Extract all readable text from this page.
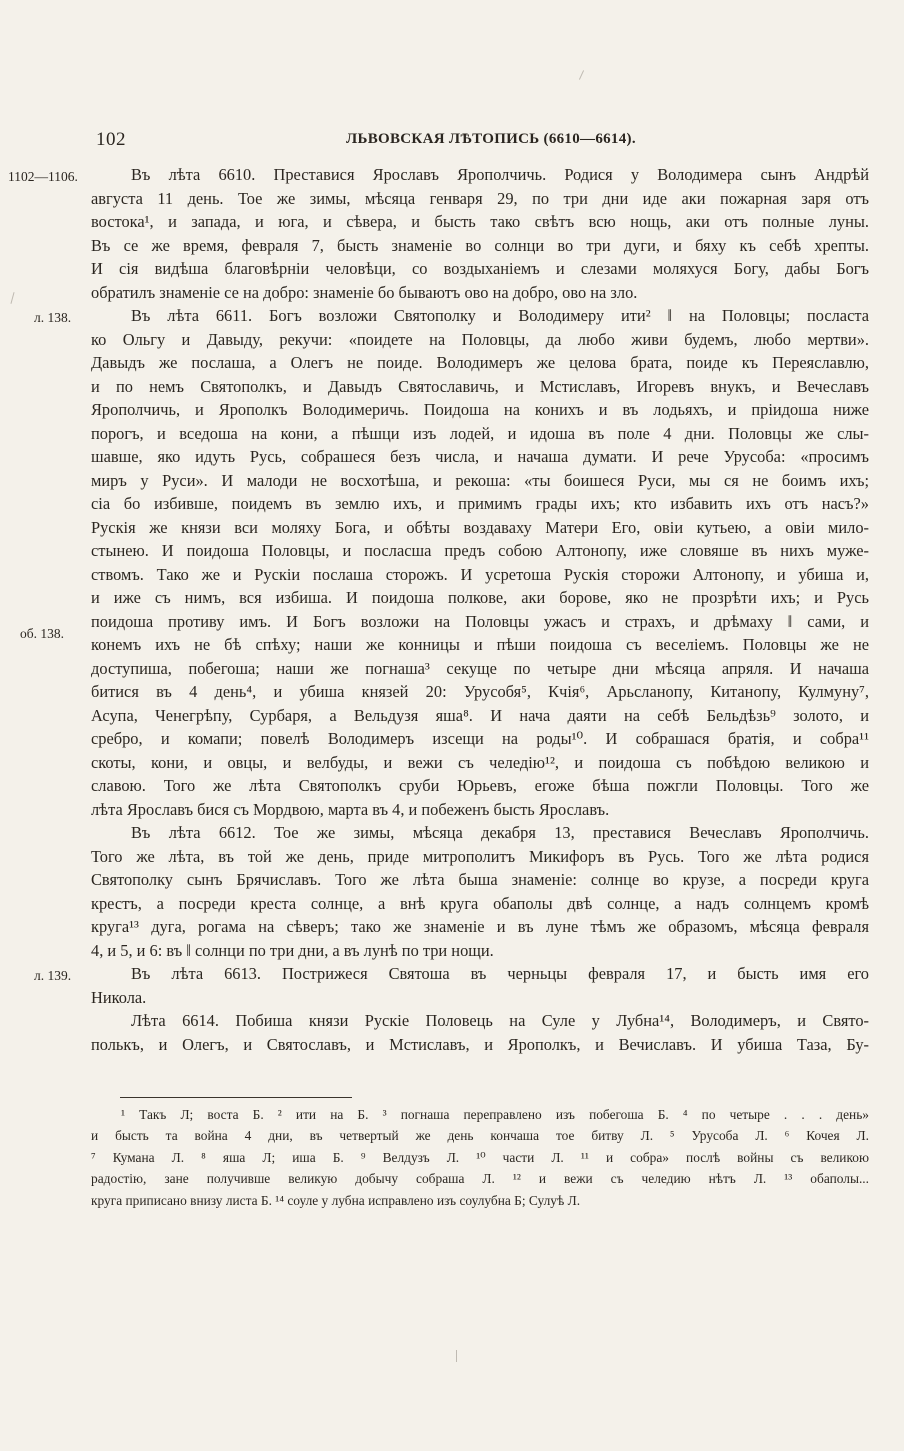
102	ЛЬВОВСКАЯ ЛѢТОПИСЬ (6610—6614).
1102—1106.
л. 138.
об. 138.
л. 139.
Въ лѣта 6610. Преставися Ярославъ Ярополчичь. Родися у Володимера сынъ Андрѣй
августа 11 день. Тое же зимы, мѣсяца генваря 29, по три дни иде аки пожарная заря отъ
востока¹, и запада, и юга, и сѣвера, и бысть тако свѣтъ всю нощь, аки отъ полные луны.
Въ се же время, февраля 7, бысть знаменіе во солнци во три дуги, и бяху къ себѣ хрепты.
И сія видѣша благовѣрніи человѣци, со воздыханіемъ и слезами моляхуся Богу, дабы Богъ
обратилъ знаменіе се на добро: знаменіе бо бываютъ ово на добро, ово на зло.
Въ лѣта 6611. Богъ возложи Святополку и Володимеру ити² ‖ на Половцы; посласта
ко Ольгу и Давыду, рекучи: «поидете на Половцы, да любо живи будемъ, любо мертви».
Давыдъ же послаша, а Олегъ не поиде. Володимеръ же целова брата, поиде къ Переяславлю,
и по немъ Святополкъ, и Давыдъ Святославичь, и Мстиславъ, Игоревъ внукъ, и Вечеславъ
Ярополчичь, и Ярополкъ Володимеричь. Поидоша на конихъ и въ лодьяхъ, и пріидоша ниже
порогъ, и вседоша на кони, а пѣшци изъ лодей, и идоша въ поле 4 дни. Половцы же слы-
шавше, яко идуть Русь, собрашеся безъ числа, и начаша думати. И рече Урусоба: «просимъ
миръ у Руси». И малоди не восхотѣша, и рекоша: «ты боишеся Руси, мы ся не боимъ ихъ;
сіа бо избивше, поидемъ въ землю ихъ, и примимъ грады ихъ; кто избавить ихъ отъ насъ?»
Рускія же князи вси моляху Бога, и обѣты воздаваху Матери Его, овіи кутьею, а овіи мило-
стынею. И поидоша Половцы, и посласша предъ собою Алтонопу, иже словяше въ нихъ муже-
ствомъ. Тако же и Рускіи послаша сторожъ. И усретоша Рускія сторожи Алтонопу, и убиша и,
и иже съ нимъ, вся избиша. И поидоша полкове, аки борове, яко не прозрѣти ихъ; и Русь
поидоша противу имъ. И Богъ возложи на Половцы ужасъ и страхъ, и дрѣмаху ‖ сами, и
конемъ ихъ не бѣ спѣху; наши же конницы и пѣши поидоша съ веселіемъ. Половцы же не
доступиша, побегоша; наши же погнаша³ секуще по четыре дни мѣсяца апряля. И начаша
битися въ 4 день⁴, и убиша князей 20: Урусобя⁵, Кчія⁶, Арьсланопу, Китанопу, Кулмуну⁷,
Асупа, Ченегрѣпу, Сурбаря, а Вельдузя яша⁸. И нача даяти на себѣ Бельдѣзь⁹ золото, и
сребро, и комапи; повелѣ Володимеръ изсещи на роды¹⁰. И собрашася братія, и собра¹¹
скоты, кони, и овцы, и велбуды, и вежи съ челедію¹², и поидоша съ побѣдою великою и
славою. Того же лѣта Святополкъ сруби Юрьевъ, егоже бѣша пожгли Половцы. Того же
лѣта Ярославъ бися съ Мордвою, марта въ 4, и побеженъ бысть Ярославъ.
Въ лѣта 6612. Тое же зимы, мѣсяца декабря 13, преставися Вечеславъ Ярополчичь.
Того же лѣта, въ той же день, приде митрополитъ Микифоръ въ Русь. Того же лѣта родися
Святополку сынъ Брячиславъ. Того же лѣта быша знаменіе: солнце во крузе, а посреди круга
крестъ, а посреди креста солнце, а внѣ круга обаполы двѣ солнце, а надъ солнцемъ кромѣ
круга¹³ дуга, рогама на сѣверъ; тако же знаменіе и въ луне тѣмъ же образомъ, мѣсяца февраля
4, и 5, и 6: въ ‖ солнци по три дни, а въ лунѣ по три нощи.
Въ лѣта 6613. Пострижеся Святоша въ черньцы февраля 17, и бысть имя его
Никола.
Лѣта 6614. Побиша князи Рускіе Половець на Суле у Лубна¹⁴, Володимеръ, и Свято-
полькъ, и Олегъ, и Святославъ, и Мстиславъ, и Ярополкъ, и Вечиславъ. И убиша Таза, Бу-
¹ Такъ Л; воста Б. ² ити на Б. ³ погнаша переправлено изъ побегоша Б. ⁴ по четыре . . . день»
и бысть та война 4 дни, въ четвертый же день кончаша тое битву Л. ⁵ Урусоба Л. ⁶ Кочея Л.
⁷ Кумана Л. ⁸ яша Л; иша Б. ⁹ Велдузъ Л. ¹⁰ части Л. ¹¹ и собра» послѣ войны съ великою
радостію, зане получивше великую добычу собраша Л. ¹² и вежи съ челедию нѣтъ Л. ¹³ обаполы...
круга приписано внизу листа Б. ¹⁴ соуле у лубна исправлено изъ соулубна Б; Сулуѣ Л.
